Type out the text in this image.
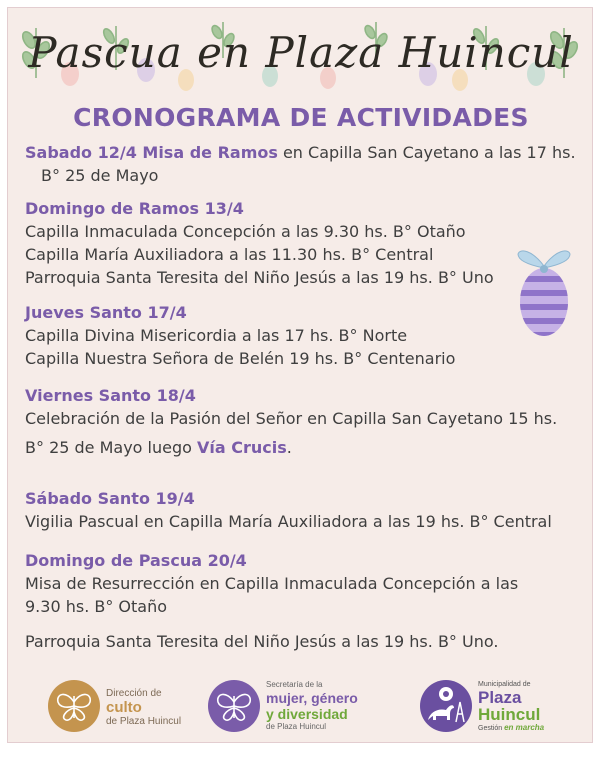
Pascua en Plaza Huincul
CRONOGRAMA DE ACTIVIDADES

Sabado 12/4 Misa de Ramos en Capilla San Cayetano a las 17 hs.

B° 25 de Mayo

Domingo de Ramos 13/4

Capilla Inmaculada Concepción a las 9.30 hs. B° Otaño

Capilla María Auxiliadora a las 11.30 hs. B° Central

Parroquia Santa Teresita del Niño Jesús a las 19 hs. B° Uno

Jueves Santo 17/4

Capilla Divina Misericordia a las 17 hs. B° Norte

Capilla Nuestra Señora de Belén 19 hs. B° Centenario

Viernes Santo 18/4

Celebración de la Pasión del Señor en Capilla San Cayetano 15 hs.

B° 25 de Mayo luego Vía Crucis.

Sábado Santo 19/4

Vigilia Pascual en Capilla María Auxiliadora a las 19 hs. B° Central

Domingo de Pascua 20/4

Misa de Resurrección en Capilla Inmaculada Concepción a las

9.30 hs. B° Otaño

Parroquia Santa Teresita del Niño Jesús a las 19 hs. B° Uno.

Dirección de
culto
de Plaza Huincul
Secretaría de la
mujer, género
y diversidad
de Plaza Huincul
Municipalidad de
Plaza
Huincul
Gestión en marcha
